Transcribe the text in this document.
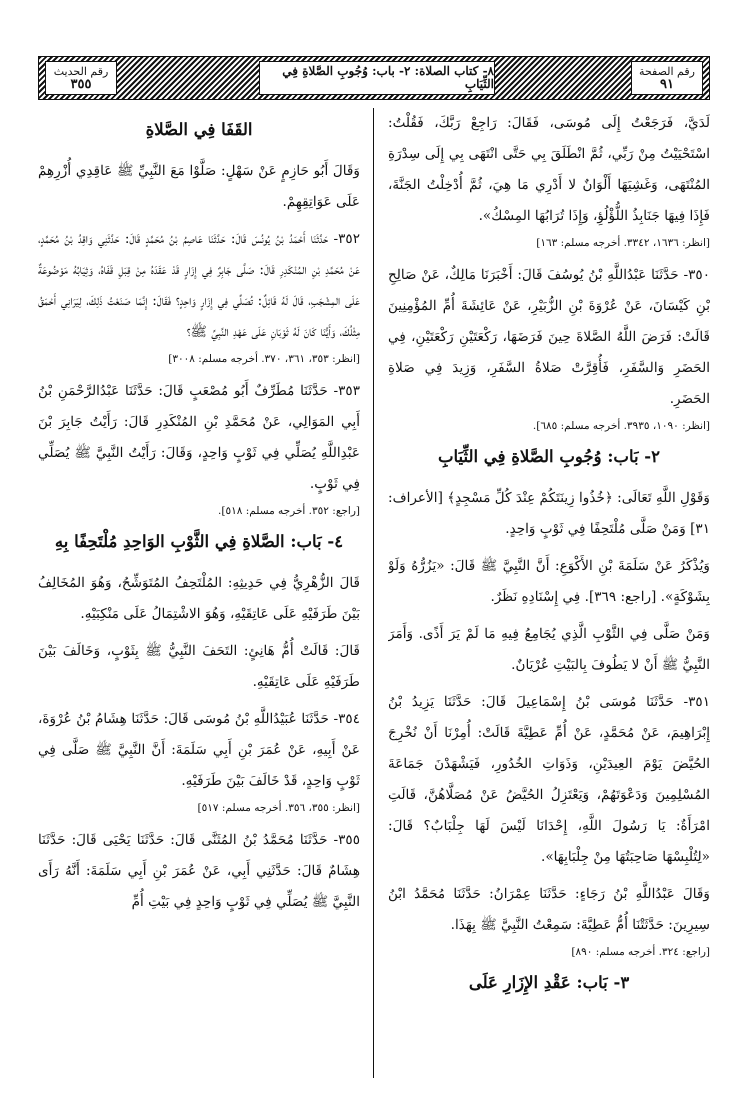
رقم الصفحة
٩١
٨- كتاب الصلاة: ٢- باب: وُجُوبِ الصَّلاةِ فِي الثِّيَابِ
رقم الحديث
٣٥٥

لَدَيَّ، فَرَجَعْتُ إِلَى مُوسَى، فَقَالَ: رَاجِعْ رَبَّكَ، فَقُلْتُ: اسْتَحْيَيْتُ مِنْ رَبِّي، ثُمَّ انْطَلَقَ بِي حَتَّى انْتَهَى بِي إِلَى سِدْرَةِ المُنْتَهَى، وَغَشِيَهَا أَلْوَانٌ لا أَدْرِي مَا هِيَ، ثُمَّ أُدْخِلْتُ الجَنَّةَ، فَإِذَا فِيهَا جَنَابِذُ اللُّؤْلُؤِ، وَإِذَا تُرَابُهَا المِسْكُ».

[انظر: ١٦٣٦، ٣٣٤٢. أخرجه مسلم: ١٦٣]

٣٥٠- حَدَّثَنَا عَبْدُاللَّهِ بْنُ يُوسُفَ قَالَ: أَخْبَرَنَا مَالِكٌ، عَنْ صَالِحِ بْنِ كَيْسَانَ، عَنْ عُرْوَةَ بْنِ الزُّبَيْرِ، عَنْ عَائِشَةَ أُمِّ المُؤْمِنِينَ قَالَتْ: فَرَضَ اللَّهُ الصَّلاةَ حِينَ فَرَضَهَا، رَكْعَتَيْنِ رَكْعَتَيْنِ، فِي الحَضَرِ وَالسَّفَرِ، فَأُقِرَّتْ صَلاةُ السَّفَرِ، وَزِيدَ فِي صَلاةِ الحَضَرِ.

[انظر: ١٠٩٠، ٣٩٣٥. أخرجه مسلم: ٦٨٥].

٢- بَاب: وُجُوبِ الصَّلاةِ فِي الثِّيَابِ

وَقَوْلِ اللَّهِ تَعَالَى: ﴿خُذُوا زِينَتَكُمْ عِنْدَ كُلِّ مَسْجِدٍ﴾ [الأعراف: ٣١] وَمَنْ صَلَّى مُلْتَحِفًا فِي ثَوْبٍ وَاحِدٍ.

وَيُذْكَرُ عَنْ سَلَمَةَ بْنِ الأَكْوَعِ: أَنَّ النَّبِيَّ ﷺ قَالَ: «يَزُرُّهُ وَلَوْ بِشَوْكَةٍ». [راجع: ٣٦٩]. فِي إِسْنَادِهِ نَظَرٌ.

وَمَنْ صَلَّى فِي الثَّوْبِ الَّذِي يُجَامِعُ فِيهِ مَا لَمْ يَرَ أَذًى. وَأَمَرَ النَّبِيُّ ﷺ أَنْ لا يَطُوفَ بِالبَيْتِ عُرْيَانٌ.

٣٥١- حَدَّثَنَا مُوسَى بْنُ إِسْمَاعِيلَ قَالَ: حَدَّثَنَا يَزِيدُ بْنُ إِبْرَاهِيمَ، عَنْ مُحَمَّدٍ، عَنْ أُمِّ عَطِيَّةَ قَالَتْ: أُمِرْنَا أَنْ نُخْرِجَ الحُيَّضَ يَوْمَ العِيدَيْنِ، وَذَوَاتِ الخُدُورِ، فَيَشْهَدْنَ جَمَاعَةَ المُسْلِمِينَ وَدَعْوَتَهُمْ، وَيَعْتَزِلُ الحُيَّضُ عَنْ مُصَلَّاهُنَّ، قَالَتِ امْرَأَةٌ: يَا رَسُولَ اللَّهِ، إِحْدَانَا لَيْسَ لَهَا جِلْبَابٌ؟ قَالَ: «لِتُلْبِسْهَا صَاحِبَتُهَا مِنْ جِلْبَابِهَا».

وَقَالَ عَبْدُاللَّهِ بْنُ رَجَاءٍ: حَدَّثَنَا عِمْرَانُ: حَدَّثَنَا مُحَمَّدُ ابْنُ سِيرِينَ: حَدَّثَتْنَا أُمُّ عَطِيَّةَ: سَمِعْتُ النَّبِيَّ ﷺ بِهَذَا.

[راجع: ٣٢٤. أخرجه مسلم: ٨٩٠]

٣- بَاب: عَقْدِ الإِزَارِ عَلَى
القَفَا فِي الصَّلاةِ

وَقَالَ أَبُو حَازِمٍ عَنْ سَهْلٍ: صَلَّوْا مَعَ النَّبِيِّ ﷺ عَاقِدِي أُزْرِهِمْ عَلَى عَوَاتِقِهِمْ.

٣٥٢- حَدَّثَنَا أَحْمَدُ بْنُ يُونُسَ قَالَ: حَدَّثَنَا عَاصِمُ بْنُ مُحَمَّدٍ قَالَ: حَدَّثَنِي وَاقِدُ بْنُ مُحَمَّدٍ، عَنْ مُحَمَّدِ بْنِ المُنْكَدِرِ قَالَ: صَلَّى جَابِرٌ فِي إِزَارٍ قَدْ عَقَدَهُ مِنْ قِبَلِ قَفَاهُ، وَثِيَابُهُ مَوْضُوعَةٌ عَلَى المِشْجَبِ، قَالَ لَهُ قَائِلٌ: تُصَلِّي فِي إِزَارٍ وَاحِدٍ؟ فَقَالَ: إِنَّمَا صَنَعْتُ ذَلِكَ، لِيَرَانِي أَحْمَقُ مِثْلُكَ، وَأَيُّنَا كَانَ لَهُ ثَوْبَانِ عَلَى عَهْدِ النَّبِيِّ ﷺ؟

[انظر: ٣٥٣، ٣٦١، ٣٧٠. أخرجه مسلم: ٣٠٠٨]

٣٥٣- حَدَّثَنَا مُطَرِّفٌ أَبُو مُصْعَبٍ قَالَ: حَدَّثَنَا عَبْدُالرَّحْمَنِ بْنُ أَبِي المَوَالِي، عَنْ مُحَمَّدِ بْنِ المُنْكَدِرِ قَالَ: رَأَيْتُ جَابِرَ بْنَ عَبْدِاللَّهِ يُصَلِّي فِي ثَوْبٍ وَاحِدٍ، وَقَالَ: رَأَيْتُ النَّبِيَّ ﷺ يُصَلِّي فِي ثَوْبٍ.

[راجع: ٣٥٢. أخرجه مسلم: ٥١٨].

٤- بَاب: الصَّلاةِ فِي الثَّوْبِ الوَاحِدِ مُلْتَحِفًا بِهِ

قَالَ الزُّهْرِيُّ فِي حَدِيثِهِ: المُلْتَحِفُ المُتَوَشِّحُ، وَهُوَ المُخَالِفُ بَيْنَ طَرَفَيْهِ عَلَى عَاتِقَيْهِ، وَهُوَ الاشْتِمَالُ عَلَى مَنْكِبَيْهِ.

قَالَ: قَالَتْ أُمُّ هَانِئٍ: التَحَفَ النَّبِيُّ ﷺ بِثَوْبٍ، وَخَالَفَ بَيْنَ طَرَفَيْهِ عَلَى عَاتِقَيْهِ.

٣٥٤- حَدَّثَنَا عُبَيْدُاللَّهِ بْنُ مُوسَى قَالَ: حَدَّثَنَا هِشَامُ بْنُ عُرْوَةَ، عَنْ أَبِيهِ، عَنْ عُمَرَ بْنِ أَبِي سَلَمَةَ: أَنَّ النَّبِيَّ ﷺ صَلَّى فِي ثَوْبٍ وَاحِدٍ، قَدْ خَالَفَ بَيْنَ طَرَفَيْهِ.

[انظر: ٣٥٥، ٣٥٦. أخرجه مسلم: ٥١٧]

٣٥٥- حَدَّثَنَا مُحَمَّدُ بْنُ المُثَنَّى قَالَ: حَدَّثَنَا يَحْيَى قَالَ: حَدَّثَنَا هِشَامٌ قَالَ: حَدَّثَنِي أَبِي، عَنْ عُمَرَ بْنِ أَبِي سَلَمَةَ: أَنَّهُ رَأَى النَّبِيَّ ﷺ يُصَلِّي فِي ثَوْبٍ وَاحِدٍ فِي بَيْتِ أُمِّ
